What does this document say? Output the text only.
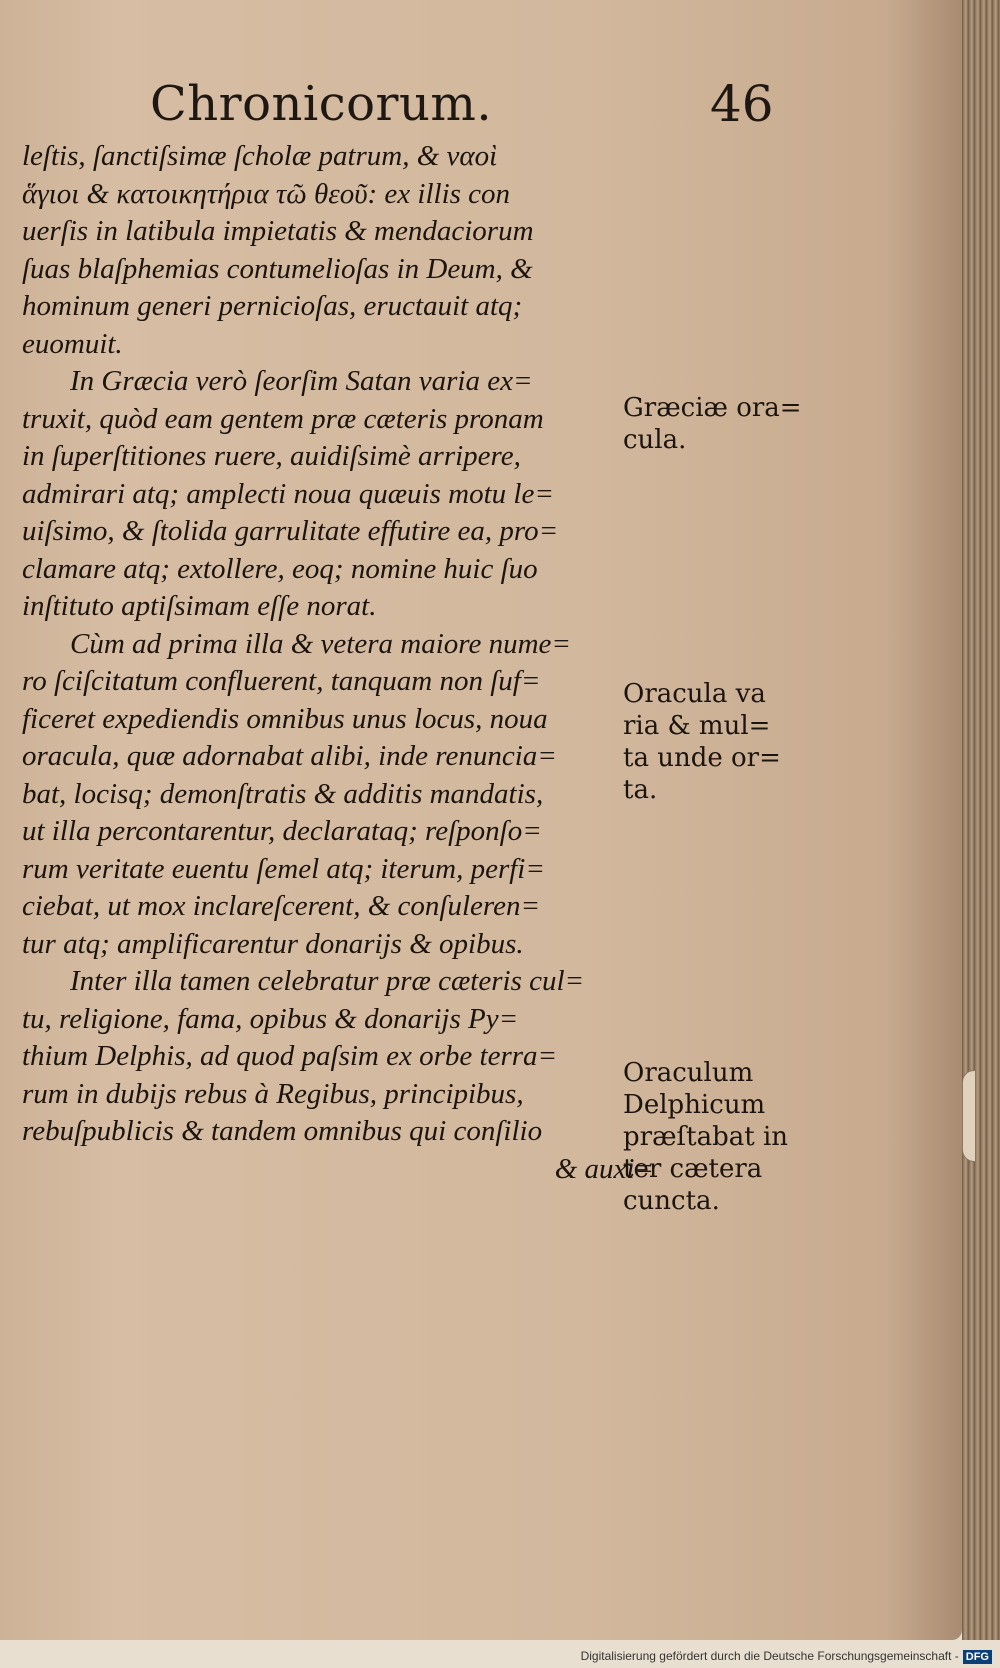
Chronicorum.	46
leſtis, ſanctiſsimæ ſcholæ patrum, & ναοὶ
ἅγιοι & κατοικητήρια τῶ θεοῦ: ex illis con
uerſis in latibula impietatis & mendaciorum
ſuas blaſphemias contumelioſas in Deum, &
hominum generi pernicioſas, eructauit atq;
euomuit.
In Græcia verò ſeorſim Satan varia ex=
truxit, quòd eam gentem præ cæteris pronam
in ſuperſtitiones ruere, auidiſsimè arripere,
admirari atq; amplecti noua quæuis motu le=
uiſsimo, & ſtolida garrulitate effutire ea, pro=
clamare atq; extollere, eoq; nomine huic ſuo
inſtituto aptiſsimam eſſe norat.
Cùm ad prima illa & vetera maiore nume=
ro ſciſcitatum confluerent, tanquam non ſuf=
ficeret expediendis omnibus unus locus, noua
oracula, quæ adornabat alibi, inde renuncia=
bat, locisq; demonſtratis & additis mandatis,
ut illa percontarentur, declarataq; reſponſo=
rum veritate euentu ſemel atq; iterum, perfi=
ciebat, ut mox inclareſcerent, & conſuleren=
tur atq; amplificarentur donarijs & opibus.
Inter illa tamen celebratur præ cæteris cul=
tu, religione, fama, opibus & donarijs Py=
thium Delphis, ad quod paſsim ex orbe terra=
rum in dubijs rebus à Regibus, principibus,
rebuſpublicis & tandem omnibus qui conſilio
& auxi=
Græciæ ora=
cula.
Oracula va
ria & mul=
ta unde or=
ta.
Oraculum
Delphicum
præſtabat in
ter cætera
cuncta.
Digitalisierung gefördert durch die Deutsche Forschungsgemeinschaft - DFG
